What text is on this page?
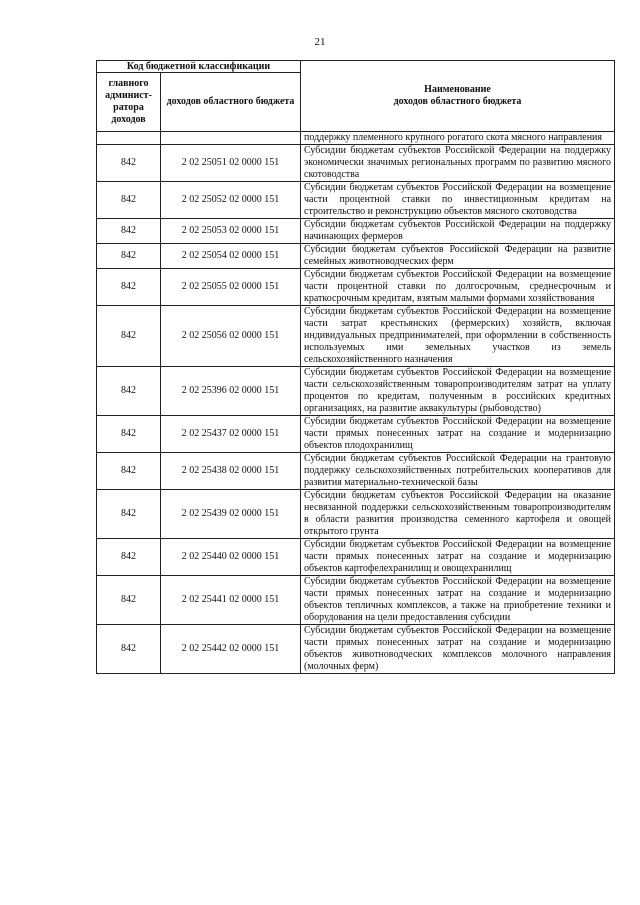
21
Код бюджетной классификации		Наименование
доходов областного бюджета

главного админист-ратора доходов	доходов областного бюджета	
		поддержку племенного крупного рогатого скота мясного направления
842	2 02 25051 02 0000 151	Субсидии бюджетам субъектов Российской Федерации на поддержку экономически значимых региональных программ по развитию мясного скотоводства
842	2 02 25052 02 0000 151	Субсидии бюджетам субъектов Российской Федерации на возмещение части процентной ставки по инвестиционным кредитам на строительство и реконструкцию объектов мясного скотоводства
842	2 02 25053 02 0000 151	Субсидии бюджетам субъектов Российской Федерации на поддержку начинающих фермеров
842	2 02 25054 02 0000 151	Субсидии бюджетам субъектов Российской Федерации на развитие семейных животноводческих ферм
842	2 02 25055 02 0000 151	Субсидии бюджетам субъектов Российской Федерации на возмещение части процентной ставки по долгосрочным, среднесрочным и краткосрочным кредитам, взятым малыми формами хозяйствования
842	2 02 25056 02 0000 151	Субсидии бюджетам субъектов Российской Федерации на возмещение части затрат крестьянских (фермерских) хозяйств, включая индивидуальных предпринимателей, при оформлении в собственность используемых ими земельных участков из земель сельскохозяйственного назначения
842	2 02 25396 02 0000 151	Субсидии бюджетам субъектов Российской Федерации на возмещение части сельскохозяйственным товаропроизводителям затрат на уплату процентов по кредитам, полученным в российских кредитных организациях, на развитие аквакультуры (рыбоводство)
842	2 02 25437 02 0000 151	Субсидии бюджетам субъектов Российской Федерации на возмещение части прямых понесенных затрат на создание и модернизацию объектов плодохранилищ
842	2 02 25438 02 0000 151	Субсидии бюджетам субъектов Российской Федерации на грантовую поддержку сельскохозяйственных потребительских кооперативов для развития материально-технической базы
842	2 02 25439 02 0000 151	Субсидии бюджетам субъектов Российской Федерации на оказание несвязанной поддержки сельскохозяйственным товаропроизводителям в области развития производства семенного картофеля и овощей открытого грунта
842	2 02 25440 02 0000 151	Субсидии бюджетам субъектов Российской Федерации на возмещение части прямых понесенных затрат на создание и модернизацию объектов картофелехранилищ и овощехранилищ
842	2 02 25441 02 0000 151	Субсидии бюджетам субъектов Российской Федерации на возмещение части прямых понесенных затрат на создание и модернизацию объектов тепличных комплексов, а также на приобретение техники и оборудования на цели предоставления субсидии
842	2 02 25442 02 0000 151	Субсидии бюджетам субъектов Российской Федерации на возмещение части прямых понесенных затрат на создание и модернизацию объектов животноводческих комплексов молочного направления (молочных ферм)
